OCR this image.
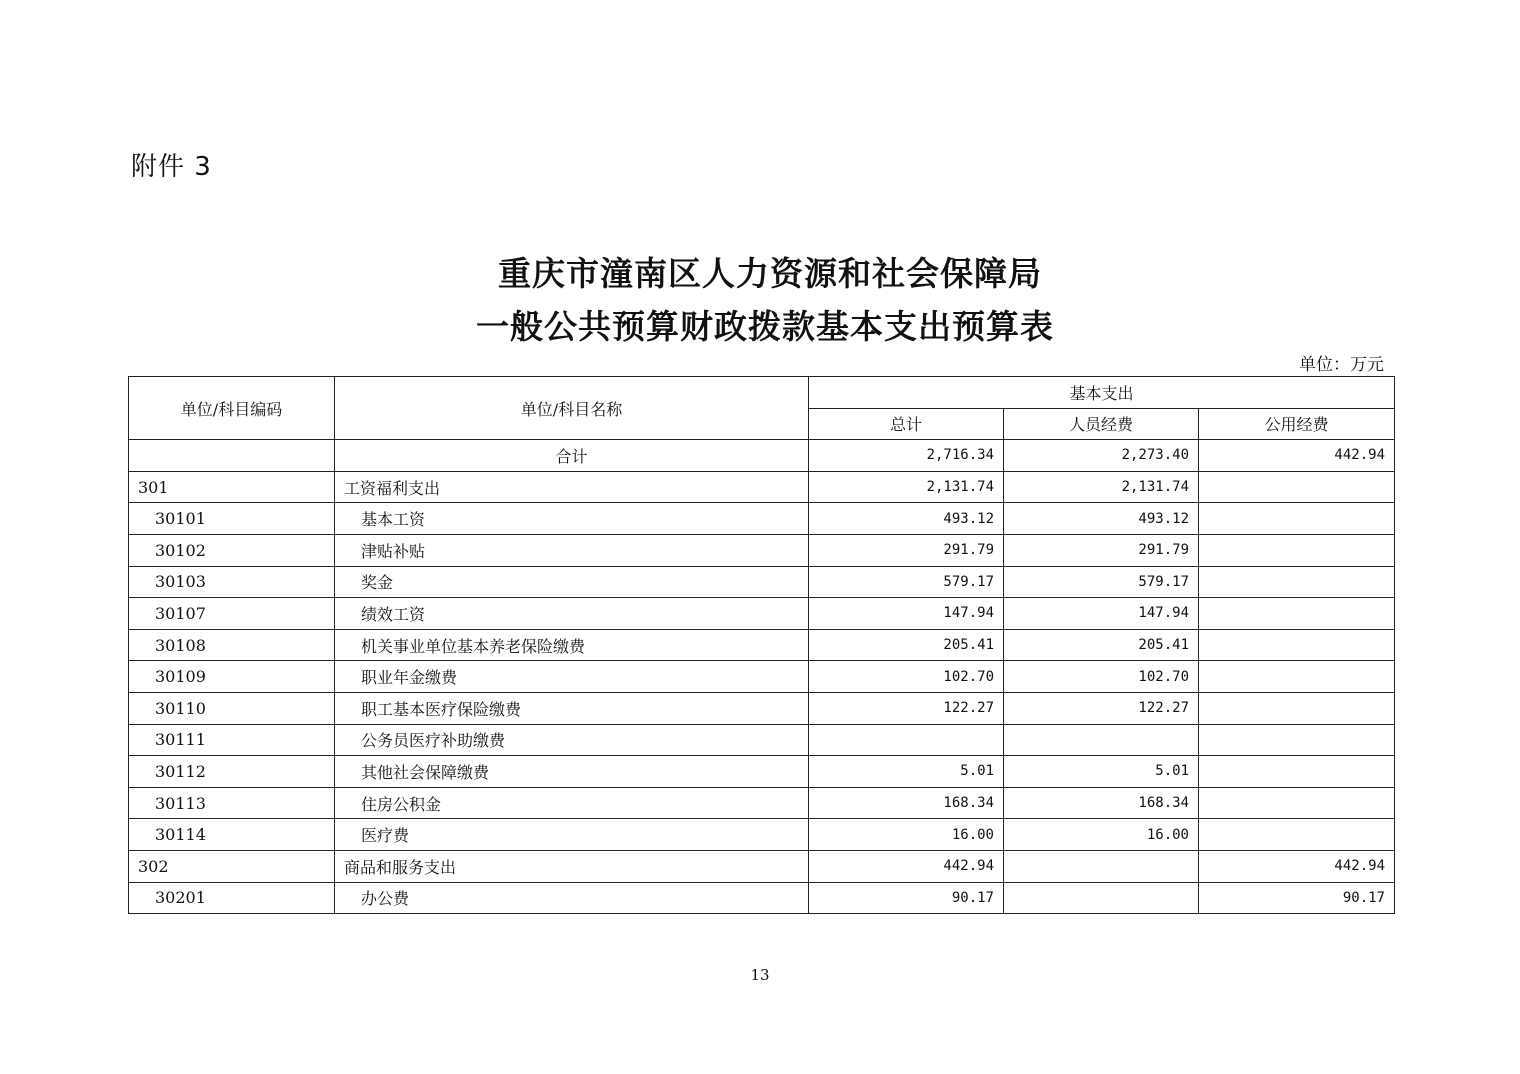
附件 3
重庆市潼南区人力资源和社会保障局
一般公共预算财政拨款基本支出预算表
单位：万元
单位/科目编码	单位/科目名称	基本支出		
		总计	人员经费	公用经费
	合计	2,716.34	2,273.40	442.94
301	工资福利支出	2,131.74	2,131.74	
30101	基本工资	493.12	493.12	
30102	津贴补贴	291.79	291.79	
30103	奖金	579.17	579.17	
30107	绩效工资	147.94	147.94	
30108	机关事业单位基本养老保险缴费	205.41	205.41	
30109	职业年金缴费	102.70	102.70	
30110	职工基本医疗保险缴费	122.27	122.27	
30111	公务员医疗补助缴费			
30112	其他社会保障缴费	5.01	5.01	
30113	住房公积金	168.34	168.34	
30114	医疗费	16.00	16.00	
302	商品和服务支出	442.94		442.94
30201	办公费	90.17		90.17
13
